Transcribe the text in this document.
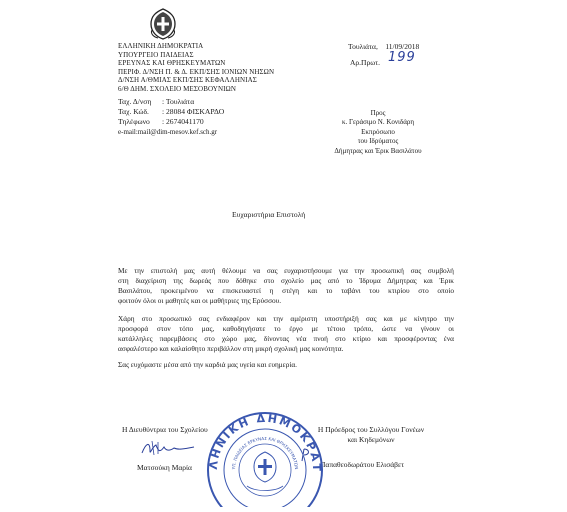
ΕΛΛΗΝΙΚΗ ΔΗΜΟΚΡΑΤΙΑ
ΥΠΟΥΡΓΕΙΟ ΠΑΙΔΕΙΑΣ
ΕΡΕΥΝΑΣ ΚΑΙ ΘΡΗΣΚΕΥΜΑΤΩΝ
ΠΕΡΙΦ. Δ/ΝΣΗ Π. & Δ. ΕΚΠ/ΣΗΣ ΙΟΝΙΩΝ ΝΗΣΩΝ
Δ/ΝΣΗ Α/ΘΜΙΑΣ ΕΚΠ/ΣΗΣ ΚΕΦΑΛΛΗΝΙΑΣ
6/Θ ΔΗΜ. ΣΧΟΛΕΙΟ ΜΕΣΟΒΟΥΝΙΩΝ
Τουλιάτα,    11/09/2018
Αρ.Πρωτ. 199
Ταχ. Δ/νση : Τουλιάτα
Ταχ. Κώδ. : 28084 ΦΙΣΚΑΡΔΟ
Τηλέφωνο : 2674041170
e-mail:mail@dim-mesov.kef.sch.gr
Προς
κ. Γεράσιμο Ν. Κονιδάρη
Εκπρόσωπο
του Ιδρύματος
Δήμητρας και Έρικ Βασιλάτου
Ευχαριστήρια Επιστολή
Με την επιστολή μας αυτή θέλουμε να σας ευχαριστήσουμε για την προσωπική σας συμβολή
στη διαχείριση της δωρεάς που δόθηκε στο σχολείο μας από το Ίδρυμα Δήμητρας και Έρικ
Βασιλάτου, προκειμένου να επισκευαστεί η στέγη και το ταβάνι του κτιρίου στο οποίο
φοιτούν όλοι οι μαθητές και οι μαθήτριες της Ερύσσου.
Χάρη στο προσωπικό σας ενδιαφέρον και την αμέριστη υποστήριξή σας και με κίνητρο την
προσφορά στον τόπο μας, καθοδηγήσατε το έργο με τέτοιο τρόπο, ώστε να γίνουν οι
κατάλληλες παρεμβάσεις στο χώρο μας, δίνοντας νέα πνοή στο κτίριο και προσφέροντας ένα
ασφαλέστερο και καλαίσθητο περιβάλλον στη μικρή σχολική μας κοινότητα.
Σας ευχόμαστε μέσα από την καρδιά μας υγεία και ευημερία.
Η Διευθύντρια του Σχολείου
Ματσούκη Μαρία
Η Πρόεδρος του Συλλόγου Γονέων
και Κηδεμόνων
Παπαθεοδωράτου Ελισάβετ
ΛΗΝΙΚΗ ΔΗΜΟΚΡΑΤ
ΥΠ. ΠΑΙΔΕΙΑΣ ΕΡΕΥΝΑΣ ΚΑΙ ΘΡΗΣΚΕΥΜΑΤΩΝ
